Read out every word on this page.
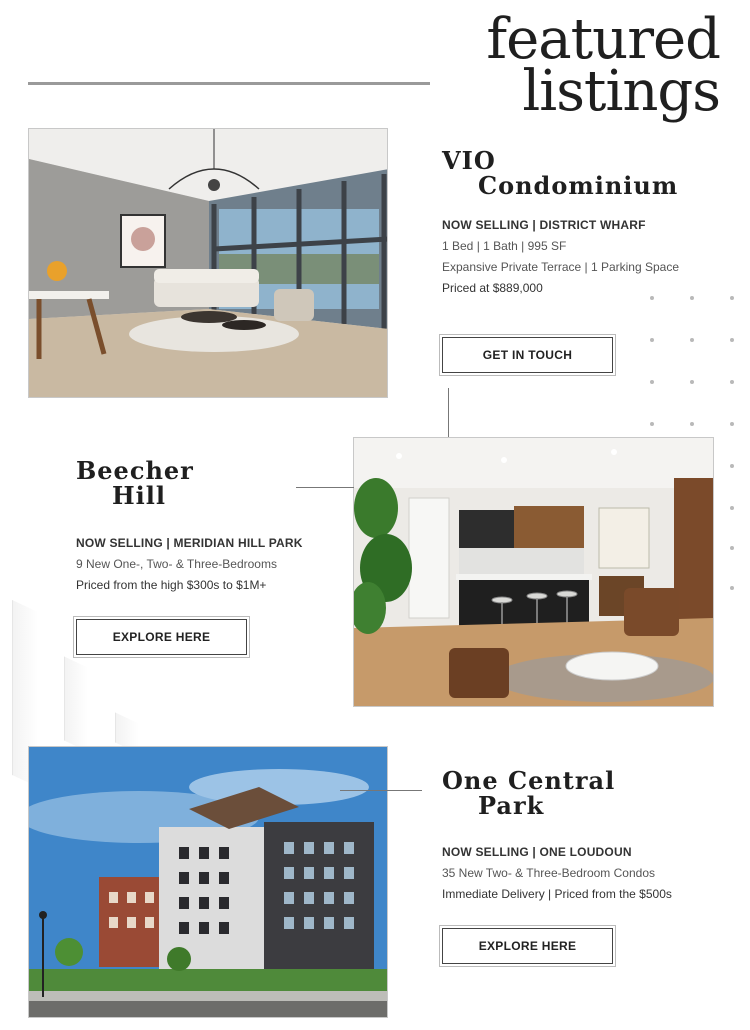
featured
listings
VIO
Condominium
NOW SELLING | DISTRICT WHARF
1 Bed | 1 Bath | 995 SF
Expansive Private Terrace | 1 Parking Space
Priced at $889,000
GET IN TOUCH
Beecher
Hill
NOW SELLING | MERIDIAN HILL PARK
9 New One-, Two- & Three-Bedrooms
Priced from the high $300s to $1M+
EXPLORE HERE
One Central
Park
NOW SELLING | ONE LOUDOUN
35 New Two- & Three-Bedroom Condos
Immediate Delivery | Priced from the $500s
EXPLORE HERE
